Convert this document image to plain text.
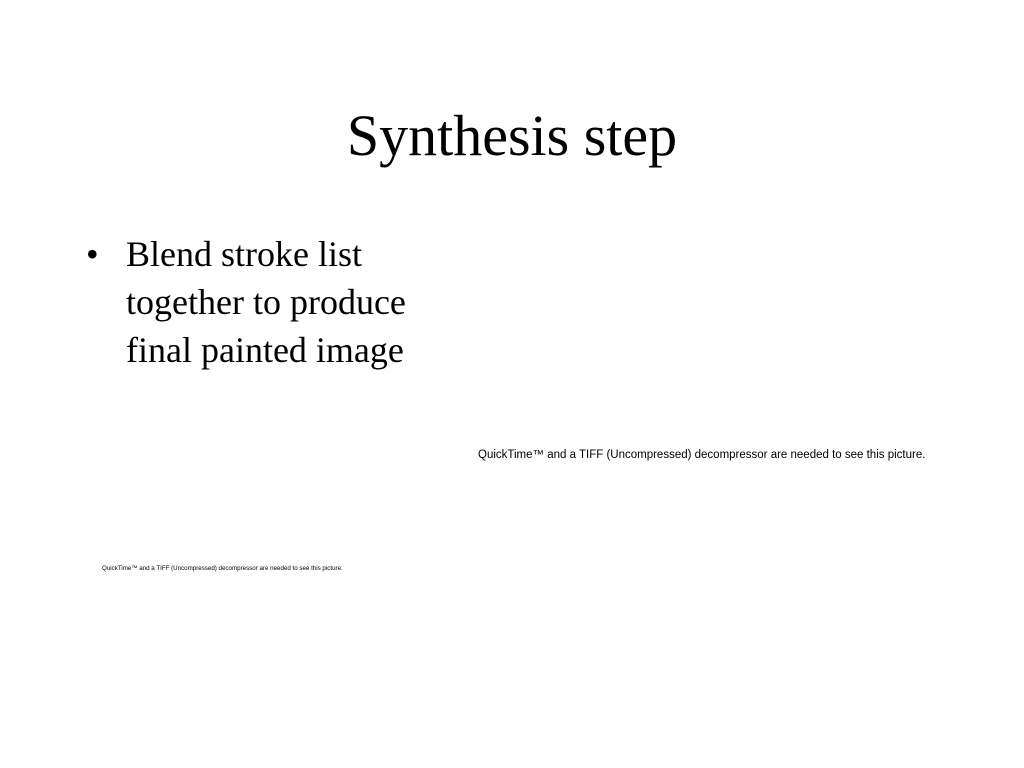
Synthesis step
• Blend stroke list together to produce final painted image
QuickTime™ and a TIFF (Uncompressed) decompressor are needed to see this picture.
QuickTime™ and a TIFF (Uncompressed) decompressor are needed to see this picture.
